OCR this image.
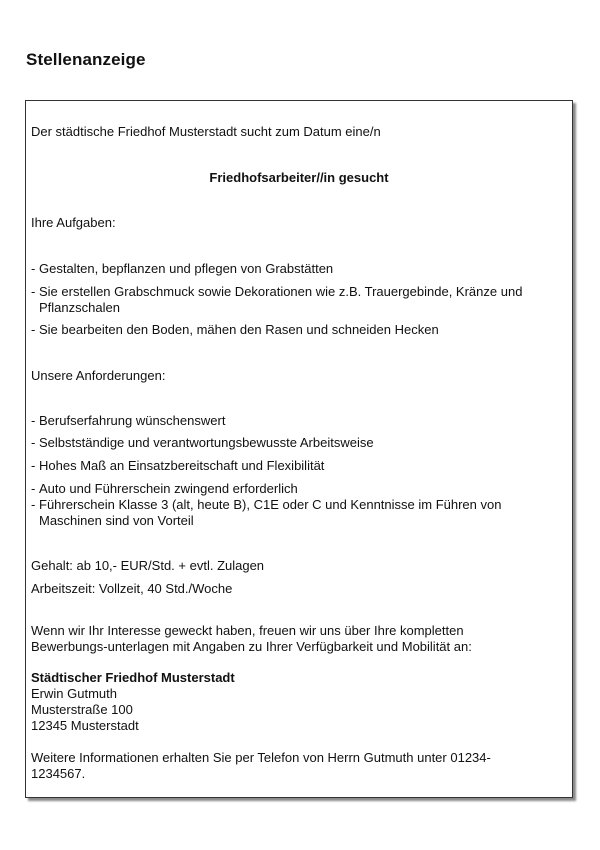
Stellenanzeige
Der städtische Friedhof Musterstadt sucht zum Datum eine/n
Friedhofsarbeiter//in gesucht
Ihre Aufgaben:
- Gestalten, bepflanzen und pflegen von Grabstätten
- Sie erstellen Grabschmuck sowie Dekorationen wie z.B. Trauergebinde, Kränze und Pflanzschalen
- Sie bearbeiten den Boden, mähen den Rasen und schneiden Hecken
Unsere Anforderungen:
- Berufserfahrung wünschenswert
- Selbstständige und verantwortungsbewusste Arbeitsweise
- Hohes Maß an Einsatzbereitschaft und Flexibilität
- Auto und Führerschein zwingend erforderlich
- Führerschein Klasse 3 (alt, heute B), C1E oder C und Kenntnisse im Führen von Maschinen sind von Vorteil
Gehalt: ab 10,- EUR/Std. + evtl. Zulagen
Arbeitszeit: Vollzeit, 40 Std./Woche
Wenn wir Ihr Interesse geweckt haben, freuen wir uns über Ihre kompletten
Bewerbungs-unterlagen mit Angaben zu Ihrer Verfügbarkeit und Mobilität an:
Städtischer Friedhof Musterstadt
Erwin Gutmuth
Musterstraße 100
12345 Musterstadt
Weitere Informationen erhalten Sie per Telefon von Herrn Gutmuth unter 01234-
1234567.
